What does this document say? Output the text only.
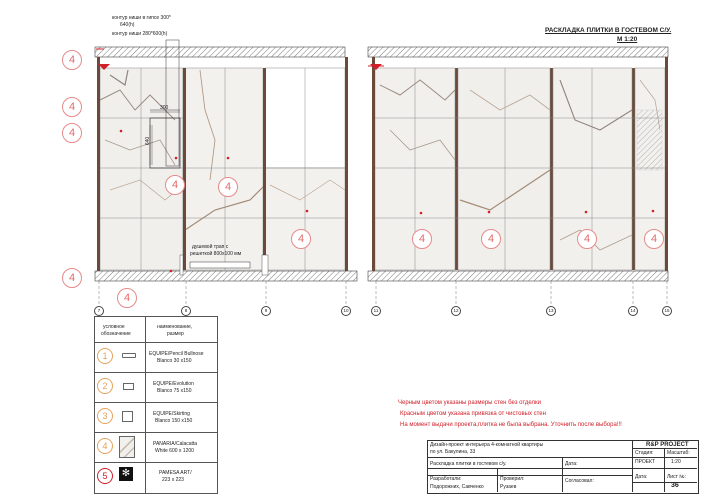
РАСКЛАДКА ПЛИТКИ В ГОСТЕВОМ С/У.
М 1:20
контур ниши в гипсе 300*
640(h)
контур ниши 280*600(h)
300
640
душевой трап с
решеткой 800x100 мм
4
4
4
4
4
4	4
4	4	4	4	4
7	8	9	10	11	12	13	14	15
условное
обозначение
наименование,
размер
1	EQUIPE/Pencil Bullnose
Blanco 30 x150
2	EQUIPE/Evolution
Blanco 75 x150
3	EQUIPE/Skirting
Blanco 150 x150
4	PANARIA/Calacatta
White 600 x 1200
5	✻	PAMESA ART/
223 x 223
Черным цветом указаны размеры стен без отделки
Красным цветом указана привязка от чистовых стен
На момент выдачи проекта,плитка не была выбрана. Уточнить после выбора!!!
Дизайн-проект интерьера 4-комнатной квартиры
по ул. Бакулина, 33
Раскладка плитки в гостевом с/у.
R&P PROJECT
Стадия:	Масштаб:
ПРОЕКТ	1:20
Дата:
Дата:	Лист №:
36
Разработали:
Подорожних, Савченко
Проверил:
Рузаев
Согласовал:
